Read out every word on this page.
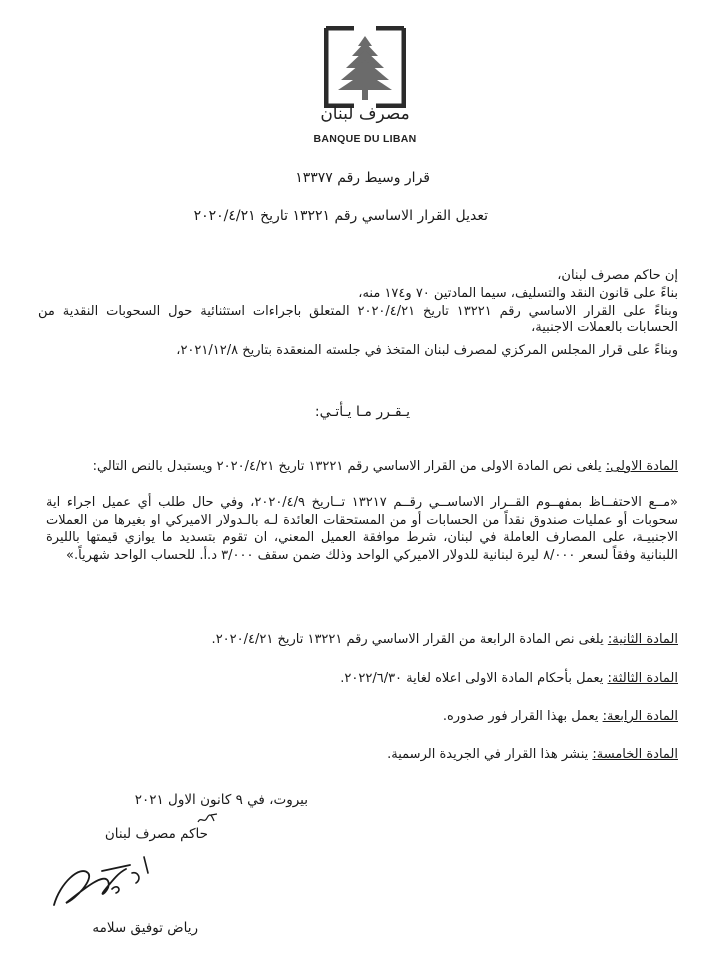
مصرف لبنان
BANQUE DU LIBAN
قرار وسيط رقم ١٣٣٧٧
تعديل القرار الاساسي رقم ١٣٢٢١ تاريخ ٢٠٢٠/٤/٢١
إن حاكم مصرف لبنان،
بناءً على قانون النقد والتسليف، سيما المادتين ٧٠ و١٧٤ منه،
وبناءً على القرار الاساسي رقم ١٣٢٢١ تاريخ ٢٠٢٠/٤/٢١ المتعلق باجراءات استثنائية حول السحوبات النقدية من الحسابات بالعملات الاجنبية،
وبناءً على قرار المجلس المركزي لمصرف لبنان المتخذ في جلسته المنعقدة بتاريخ ٢٠٢١/١٢/٨،
يـقـرر مـا يـأتـي:
المادة الاولى: يلغى نص المادة الاولى من القرار الاساسي رقم ١٣٢٢١ تاريخ ٢٠٢٠/٤/٢١ ويستبدل بالنص التالي:
«مــع الاحتفــاظ بمفهــوم القــرار الاساســي رقــم ١٣٢١٧ تــاريخ ٢٠٢٠/٤/٩، وفي حال طلب أي عميل اجراء اية سحوبات أو عمليات صندوق نقداً من الحسابات أو من المستحقات العائدة لـه بالـدولار الاميركي او بغيرها من العملات الاجنبيـة، على المصارف العاملة في لبنان، شرط موافقة العميل المعني، ان تقوم بتسديد ما يوازي قيمتها بالليرة اللبنانية وفقاً لسعر ٨/٠٠٠ ليرة لبنانية للدولار الاميركي الواحد وذلك ضمن سقف ٣/٠٠٠ د.أ. للحساب الواحد شهرياً.»
المادة الثانية: يلغى نص المادة الرابعة من القرار الاساسي رقم ١٣٢٢١ تاريخ ٢٠٢٠/٤/٢١.
المادة الثالثة: يعمل بأحكام المادة الاولى اعلاه لغاية ٢٠٢٢/٦/٣٠.
المادة الرابعة: يعمل بهذا القرار فور صدوره.
المادة الخامسة: ينشر هذا القرار في الجريدة الرسمية.
بيروت، في ٩ كانون الاول ٢٠٢١
حاكم مصرف لبنان
رياض توفيق سلامه
